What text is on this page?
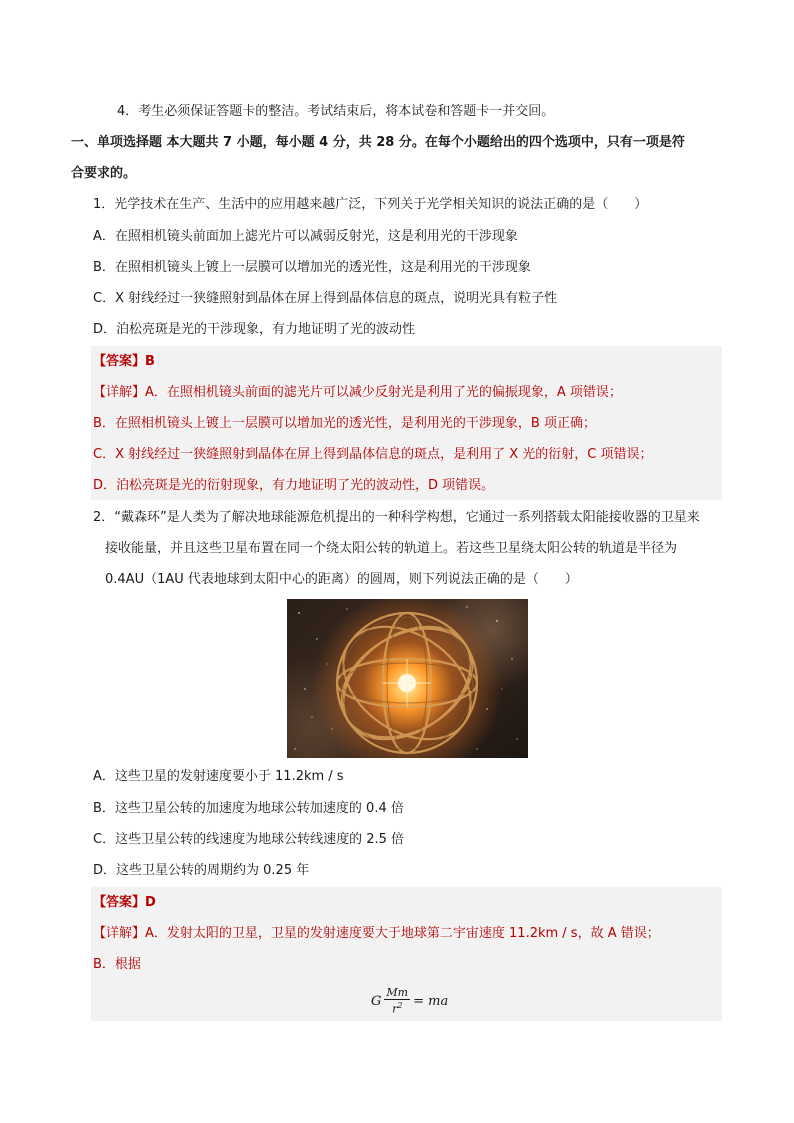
4．考生必须保证答题卡的整洁。考试结束后，将本试卷和答题卡一并交回。
一、单项选择题 本大题共 7 小题，每小题 4 分，共 28 分。在每个小题给出的四个选项中，只有一项是符
合要求的。
1．光学技术在生产、生活中的应用越来越广泛，下列关于光学相关知识的说法正确的是（　　）
A．在照相机镜头前面加上滤光片可以减弱反射光，这是利用光的干涉现象
B．在照相机镜头上镀上一层膜可以增加光的透光性，这是利用光的干涉现象
C．X 射线经过一狭缝照射到晶体在屏上得到晶体信息的斑点，说明光具有粒子性
D．泊松亮斑是光的干涉现象，有力地证明了光的波动性
【答案】B
【详解】A．在照相机镜头前面的滤光片可以减少反射光是利用了光的偏振现象，A 项错误；
B．在照相机镜头上镀上一层膜可以增加光的透光性，是利用光的干涉现象，B 项正确；
C．X 射线经过一狭缝照射到晶体在屏上得到晶体信息的斑点，是利用了 X 光的衍射，C 项错误；
D．泊松亮斑是光的衍射现象，有力地证明了光的波动性，D 项错误。
2．“戴森环”是人类为了解决地球能源危机提出的一种科学构想，它通过一系列搭载太阳能接收器的卫星来
接收能量，并且这些卫星布置在同一个绕太阳公转的轨道上。若这些卫星绕太阳公转的轨道是半径为
0.4AU（1AU 代表地球到太阳中心的距离）的圆周，则下列说法正确的是（　　）
A．这些卫星的发射速度要小于 11.2km / s
B．这些卫星公转的加速度为地球公转加速度的 0.4 倍
C．这些卫星公转的线速度为地球公转线速度的 2.5 倍
D．这些卫星公转的周期约为 0.25 年
【答案】D
【详解】A．发射太阳的卫星，卫星的发射速度要大于地球第二宇宙速度 11.2km / s，故 A 错误；
B．根据
G $\frac{Mm}{r^2}$ = ma
